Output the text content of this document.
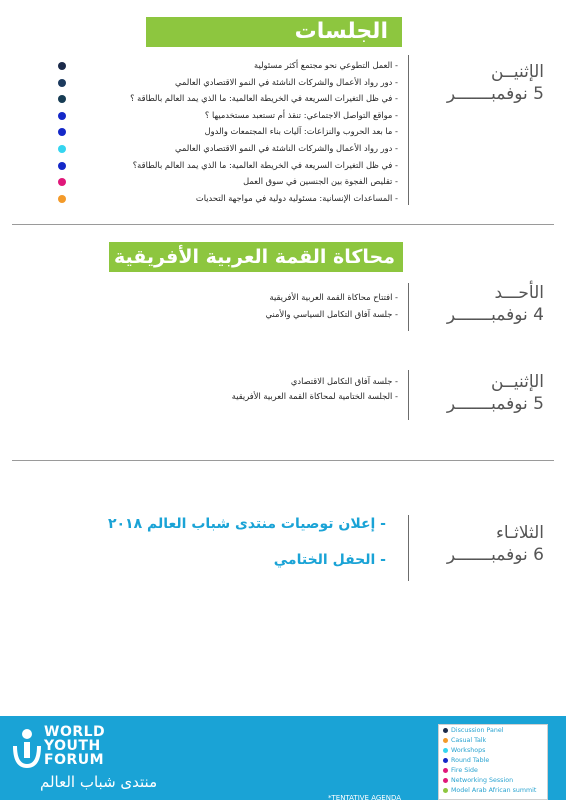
الجلسات
الإثنيــن
5 نوفمبـــــــر
- العمل التطوعي نحو مجتمع أكثر مسئولية
- دور رواد الأعمال والشركات الناشئة في النمو الاقتصادي العالمي
- في ظل التغيرات السريعة في الخريطة العالمية: ما الذي يمد العالم بالطاقة ؟
- مواقع التواصل الاجتماعي: تنقذ أم تستعبد مستخدميها ؟
- ما بعد الحروب والنزاعات: آليات بناء المجتمعات والدول
- دور رواد الأعمال والشركات الناشئة في النمو الاقتصادي العالمي
- في ظل التغيرات السريعة في الخريطة العالمية: ما الذي يمد العالم بالطاقة؟
- تقليص الفجوة بين الجنسين في سوق العمل
- المساعدات الإنسانية: مسئولية دولية في مواجهة التحديات
محاكاة القمة العربية الأفريقية
الأحـــد
4 نوفمبـــــــر
- افتتاح محاكاة القمة العربية الأفريقية
- جلسة آفاق التكامل السياسي والأمني
الإثنيــن
5 نوفمبـــــــر
- جلسة آفاق التكامل الاقتصادي
- الجلسة الختامية لمحاكاة القمة العربية الأفريقية
الثلاثـاء
6 نوفمبـــــــر
- إعلان توصيات منتدى شباب العالم ٢٠١٨
- الحفل الختامي
WORLD
YOUTH
FORUM
منتدى شباب العالم
*TENTATIVE AGENDA
Discussion Panel
Casual Talk
Workshops
Round Table
Fire Side
Networking Session
Model Arab African summit
